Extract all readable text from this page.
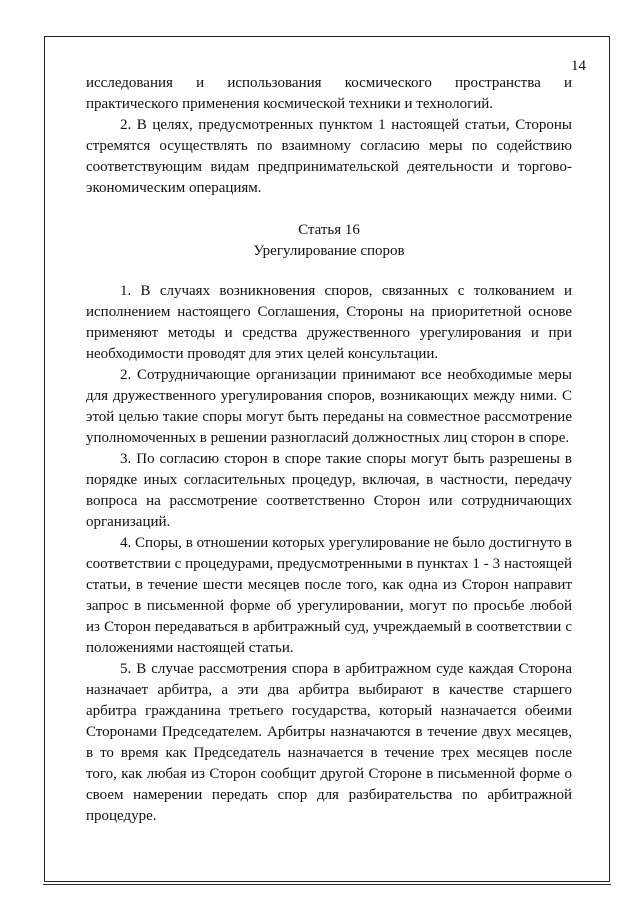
14

исследования и использования космического пространства и

практического применения космической техники и технологий.

2. В целях, предусмотренных пунктом 1 настоящей статьи, Стороны стремятся осуществлять по взаимному согласию меры по содействию соответствующим видам предпринимательской деятельности и торгово-экономическим операциям.

Статья 16
Урегулирование споров

1. В случаях возникновения споров, связанных с толкованием и исполнением настоящего Соглашения, Стороны на приоритетной основе применяют методы и средства дружественного урегулирования и при необходимости проводят для этих целей консультации.

2. Сотрудничающие организации принимают все необходимые меры для дружественного урегулирования споров, возникающих между ними. С этой целью такие споры могут быть переданы на совместное рассмотрение уполномоченных в решении разногласий должностных лиц сторон в споре.

3. По согласию сторон в споре такие споры могут быть разрешены в порядке иных согласительных процедур, включая, в частности, передачу вопроса на рассмотрение соответственно Сторон или сотрудничающих организаций.

4. Споры, в отношении которых урегулирование не было достигнуто в соответствии с процедурами, предусмотренными в пунктах 1 - 3 настоящей статьи, в течение шести месяцев после того, как одна из Сторон направит запрос в письменной форме об урегулировании, могут по просьбе любой из Сторон передаваться в арбитражный суд, учреждаемый в соответствии с положениями настоящей статьи.

5. В случае рассмотрения спора в арбитражном суде каждая Сторона назначает арбитра, а эти два арбитра выбирают в качестве старшего арбитра гражданина третьего государства, который назначается обеими Сторонами Председателем. Арбитры назначаются в течение двух месяцев, в то время как Председатель назначается в течение трех месяцев после того, как любая из Сторон сообщит другой Стороне в письменной форме о своем намерении передать спор для разбирательства по арбитражной процедуре.
